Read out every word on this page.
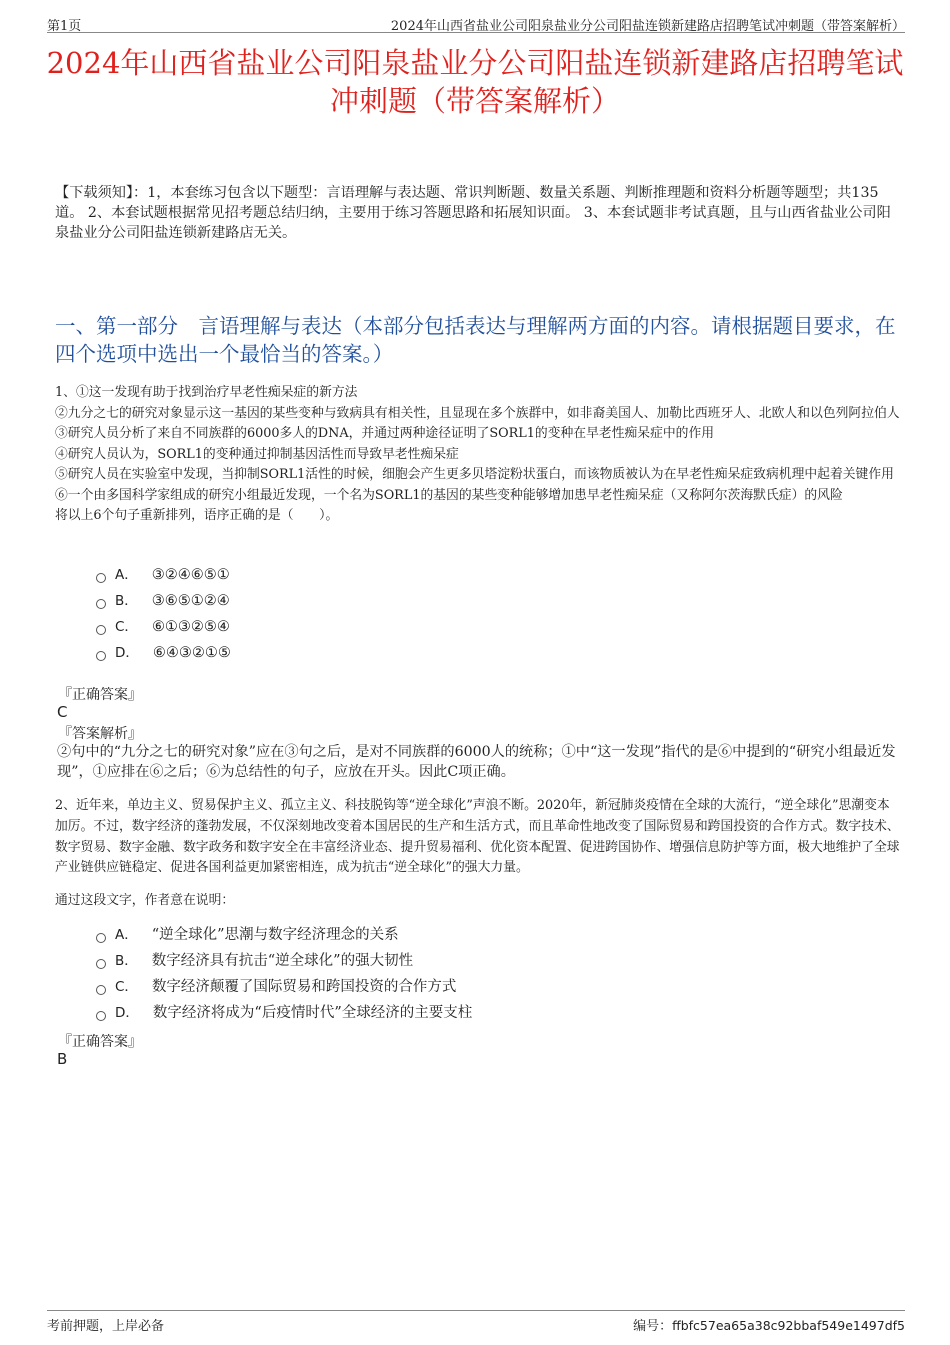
第1页	2024年山西省盐业公司阳泉盐业分公司阳盐连锁新建路店招聘笔试冲刺题（带答案解析）
2024年山西省盐业公司阳泉盐业分公司阳盐连锁新建路店招聘笔试冲刺题（带答案解析）
【下载须知】：1，本套练习包含以下题型：言语理解与表达题、常识判断题、数量关系题、判断推理题和资料分析题等题型；共135道。 2、本套试题根据常见招考题总结归纳，主要用于练习答题思路和拓展知识面。 3、本套试题非考试真题，且与山西省盐业公司阳泉盐业分公司阳盐连锁新建路店无关。
一、第一部分　言语理解与表达（本部分包括表达与理解两方面的内容。请根据题目要求，在四个选项中选出一个最恰当的答案。）
1、①这一发现有助于找到治疗早老性痴呆症的新方法
②九分之七的研究对象显示这一基因的某些变种与致病具有相关性，且显现在多个族群中，如非裔美国人、加勒比西班牙人、北欧人和以色列阿拉伯人
③研究人员分析了来自不同族群的6000多人的DNA，并通过两种途径证明了SORL1的变种在早老性痴呆症中的作用
④研究人员认为，SORL1的变种通过抑制基因活性而导致早老性痴呆症
⑤研究人员在实验室中发现，当抑制SORL1活性的时候，细胞会产生更多贝塔淀粉状蛋白，而该物质被认为在早老性痴呆症致病机理中起着关键作用
⑥一个由多国科学家组成的研究小组最近发现，一个名为SORL1的基因的某些变种能够增加患早老性痴呆症（又称阿尔茨海默氏症）的风险
将以上6个句子重新排列，语序正确的是（　　）。
A． ③②④⑥⑤①
B． ③⑥⑤①②④
C． ⑥①③②⑤④
D． ⑥④③②①⑤
『正确答案』
C
『答案解析』
②句中的“九分之七的研究对象”应在③句之后，是对不同族群的6000人的统称；①中“这一发现”指代的是⑥中提到的“研究小组最近发现”，①应排在⑥之后；⑥为总结性的句子，应放在开头。因此C项正确。
2、近年来，单边主义、贸易保护主义、孤立主义、科技脱钩等“逆全球化”声浪不断。2020年，新冠肺炎疫情在全球的大流行，“逆全球化”思潮变本加厉。不过，数字经济的蓬勃发展，不仅深刻地改变着本国居民的生产和生活方式，而且革命性地改变了国际贸易和跨国投资的合作方式。数字技术、数字贸易、数字金融、数字政务和数字安全在丰富经济业态、提升贸易福利、优化资本配置、促进跨国协作、增强信息防护等方面，极大地维护了全球产业链供应链稳定、促进各国利益更加紧密相连，成为抗击“逆全球化”的强大力量。
通过这段文字，作者意在说明：
A． “逆全球化”思潮与数字经济理念的关系
B． 数字经济具有抗击“逆全球化”的强大韧性
C． 数字经济颠覆了国际贸易和跨国投资的合作方式
D． 数字经济将成为“后疫情时代”全球经济的主要支柱
『正确答案』
B
考前押题，上岸必备	编号：ffbfc57ea65a38c92bbaf549e1497df5
